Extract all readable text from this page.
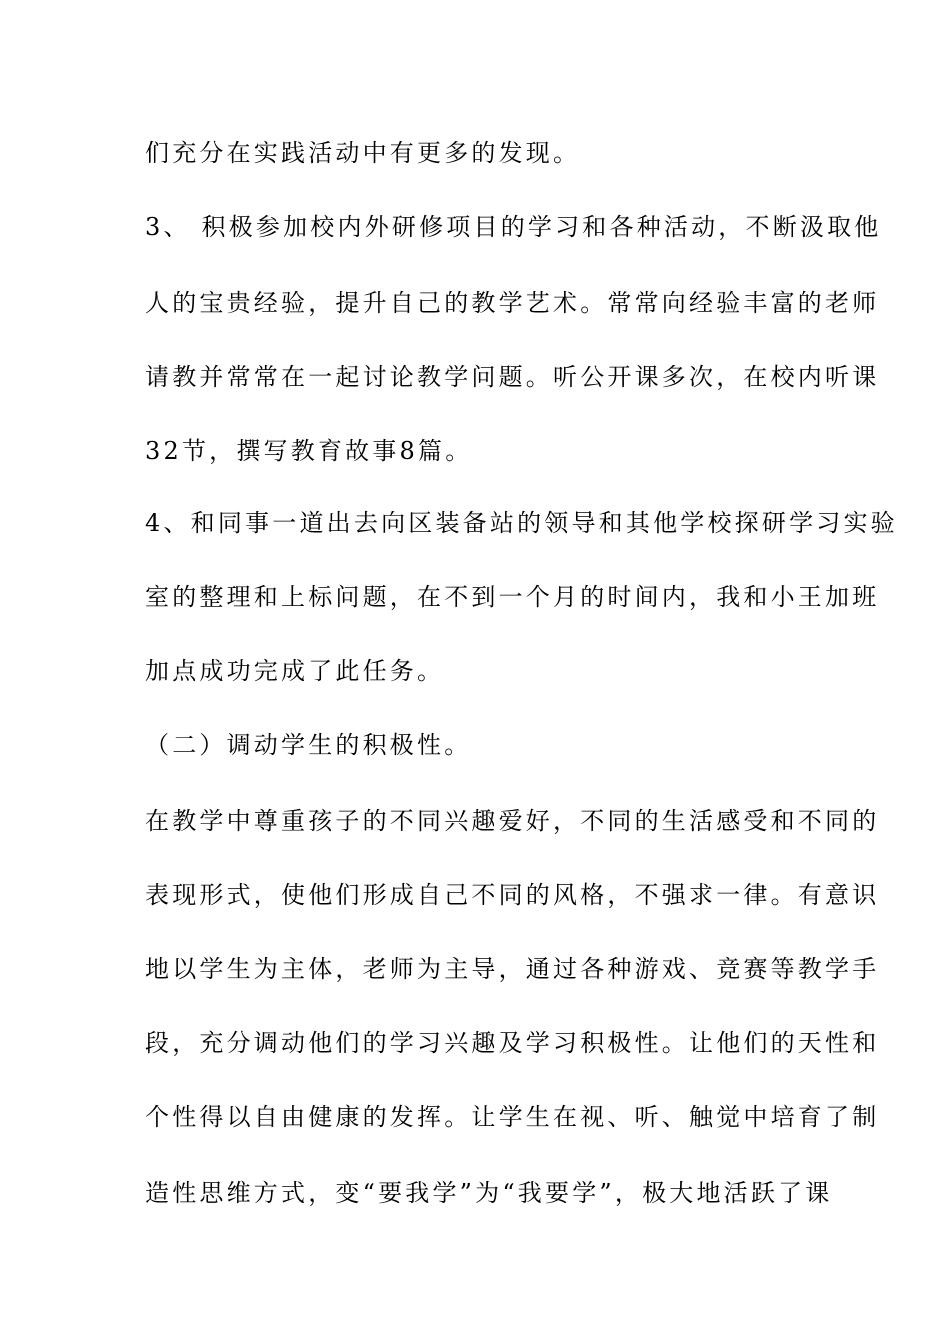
们充分在实践活动中有更多的发现。
3、 积极参加校内外研修项目的学习和各种活动，不断汲取他
人的宝贵经验，提升自己的教学艺术。常常向经验丰富的老师
请教并常常在一起讨论教学问题。听公开课多次，在校内听课
32节，撰写教育故事8篇。
4、和同事一道出去向区装备站的领导和其他学校探研学习实验
室的整理和上标问题，在不到一个月的时间内，我和小王加班
加点成功完成了此任务。
（二）调动学生的积极性。
在教学中尊重孩子的不同兴趣爱好，不同的生活感受和不同的
表现形式，使他们形成自己不同的风格，不强求一律。有意识
地以学生为主体，老师为主导，通过各种游戏、竞赛等教学手
段，充分调动他们的学习兴趣及学习积极性。让他们的天性和
个性得以自由健康的发挥。让学生在视、听、触觉中培育了制
造性思维方式，变“要我学”为“我要学”，极大地活跃了课
